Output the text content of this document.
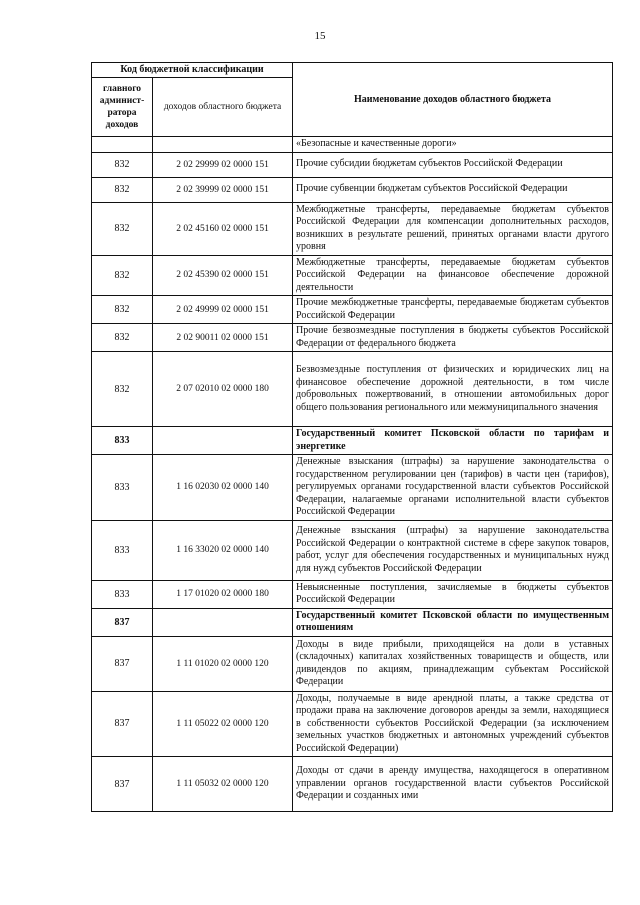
15
Код бюджетной классификации		Наименование доходов областного бюджета
главного админист-ратора доходов	доходов областного бюджета	
		«Безопасные и качественные дороги»
832	2 02 29999 02 0000 151	Прочие субсидии бюджетам субъектов Российской Федерации
832	2 02 39999 02 0000 151	Прочие субвенции бюджетам субъектов Российской Федерации
832	2 02 45160 02 0000 151	Межбюджетные трансферты, передаваемые бюджетам субъектов Российской Федерации для компенсации дополнительных расходов, возникших в результате решений, принятых органами власти другого уровня
832	2 02 45390 02 0000 151	Межбюджетные трансферты, передаваемые бюджетам субъектов Российской Федерации на финансовое обеспечение дорожной деятельности
832	2 02 49999 02 0000 151	Прочие межбюджетные трансферты, передаваемые бюджетам субъектов Российской Федерации
832	2 02 90011 02 0000 151	Прочие безвозмездные поступления в бюджеты субъектов Российской Федерации от федерального бюджета
832	2 07 02010 02 0000 180	Безвозмездные поступления от физических и юридических лиц на финансовое обеспечение дорожной деятельности, в том числе добровольных пожертвований, в отношении автомобильных дорог общего пользования регионального или межмуниципального значения
833		Государственный комитет Псковской области по тарифам и энергетике
833	1 16 02030 02 0000 140	Денежные взыскания (штрафы) за нарушение законодательства о государственном регулировании цен (тарифов) в части цен (тарифов), регулируемых органами государственной власти субъектов Российской Федерации, налагаемые органами исполнительной власти субъектов Российской Федерации
833	1 16 33020 02 0000 140	Денежные взыскания (штрафы) за нарушение законодательства Российской Федерации о контрактной системе в сфере закупок товаров, работ, услуг для обеспечения государственных и муниципальных нужд для нужд субъектов Российской Федерации
833	1 17 01020 02 0000 180	Невыясненные поступления, зачисляемые в бюджеты субъектов Российской Федерации
837		Государственный комитет Псковской области по имущественным отношениям
837	1 11 01020 02 0000 120	Доходы в виде прибыли, приходящейся на доли в уставных (складочных) капиталах хозяйственных товариществ и обществ, или дивидендов по акциям, принадлежащим субъектам Российской Федерации
837	1 11 05022 02 0000 120	Доходы, получаемые в виде арендной платы, а также средства от продажи права на заключение договоров аренды за земли, находящиеся в собственности субъектов Российской Федерации (за исключением земельных участков бюджетных и автономных учреждений субъектов Российской Федерации)
837	1 11 05032 02 0000 120	Доходы от сдачи в аренду имущества, находящегося в оперативном управлении органов государственной власти субъектов Российской Федерации и созданных ими
